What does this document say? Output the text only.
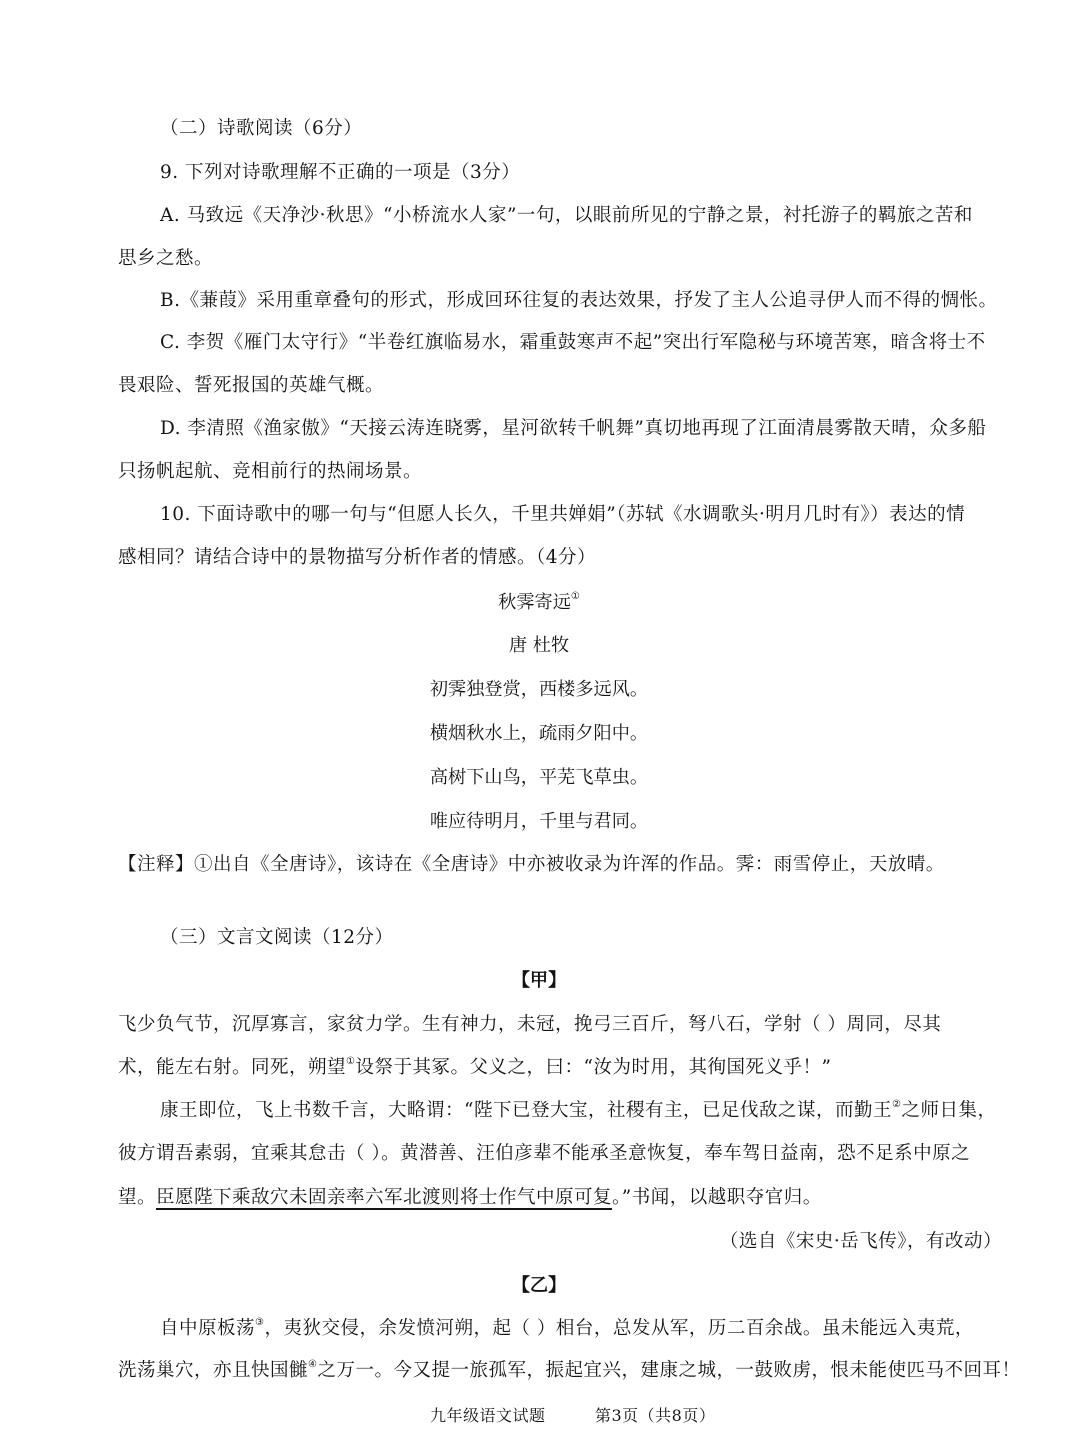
（二）诗歌阅读（6分）
9. 下列对诗歌理解不正确的一项是（3分）
A. 马致远《天净沙·秋思》“小桥流水人家”一句，以眼前所见的宁静之景，衬托游子的羁旅之苦和
思乡之愁。
B.《蒹葭》采用重章叠句的形式，形成回环往复的表达效果，抒发了主人公追寻伊人而不得的惆怅。
C. 李贺《雁门太守行》“半卷红旗临易水，霜重鼓寒声不起”突出行军隐秘与环境苦寒，暗含将士不
畏艰险、誓死报国的英雄气概。
D. 李清照《渔家傲》“天接云涛连晓雾，星河欲转千帆舞”真切地再现了江面清晨雾散天晴，众多船
只扬帆起航、竞相前行的热闹场景。
10. 下面诗歌中的哪一句与“但愿人长久，千里共婵娟”（苏轼《水调歌头·明月几时有》）表达的情
感相同？请结合诗中的景物描写分析作者的情感。（4分）
秋霁寄远①
唐 杜牧
初霁独登赏，西楼多远风。
横烟秋水上，疏雨夕阳中。
高树下山鸟，平芜飞草虫。
唯应待明月，千里与君同。
【注释】①出自《全唐诗》，该诗在《全唐诗》中亦被收录为许浑的作品。霁：雨雪停止，天放晴。
（三）文言文阅读（12分）
【甲】
飞少负气节，沉厚寡言，家贫力学。生有神力，未冠，挽弓三百斤，弩八石，学射（ ）周同，尽其
术，能左右射。同死，朔望①设祭于其冢。父义之，曰：“汝为时用，其徇国死义乎！”
康王即位，飞上书数千言，大略谓：“陛下已登大宝，社稷有主，已足伐敌之谋，而勤王②之师日集，
彼方谓吾素弱，宜乘其怠击（ ）。黄潜善、汪伯彦辈不能承圣意恢复，奉车驾日益南，恐不足系中原之
望。臣愿陛下乘敌穴未固亲率六军北渡则将士作气中原可复。”书闻，以越职夺官归。
（选自《宋史·岳飞传》，有改动）
【乙】
自中原板荡③，夷狄交侵，余发愤河朔，起（ ）相台，总发从军，历二百余战。虽未能远入夷荒，
洗荡巢穴，亦且快国雠④之万一。今又提一旅孤军，振起宜兴，建康之城，一鼓败虏，恨未能使匹马不回耳！
九年级语文试题	第3页（共8页）
